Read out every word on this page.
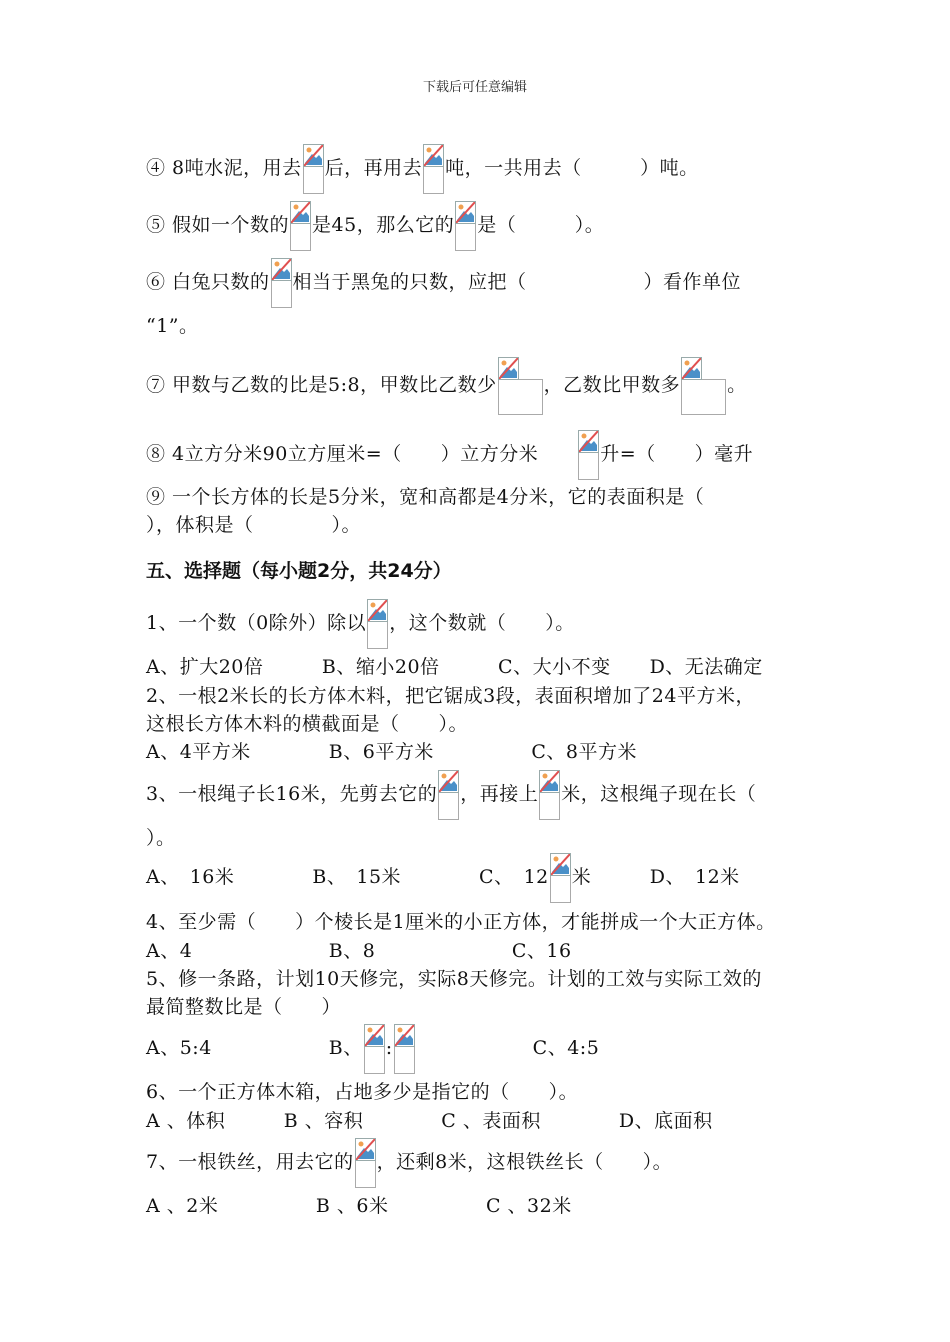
下载后可任意编辑
④ 8吨水泥，用去 后，再用去 吨，一共用去（　　　）吨。
⑤ 假如一个数的 是45，那么它的 是（　　　）。
⑥ 白兔只数的 相当于黑兔的只数，应把（　　　　　　）看作单位
“1”。
⑦ 甲数与乙数的比是5:8，甲数比乙数少 ，乙数比甲数多 。
⑧ 4立方分米90立方厘米=（　　）立方分米　　
升=（　　）毫升
⑨ 一个长方体的长是5分米，宽和高都是4分米，它的表面积是（
），体积是（　　　　）。
五、选择题（每小题2分，共24分）
1、一个数（0除外）除以 ，这个数就（　　）。
A、扩大20倍　　　B、缩小20倍　　　C、大小不变　　D、无法确定
2、一根2米长的长方体木料，把它锯成3段，表面积增加了24平方米，
这根长方体木料的横截面是（　　）。
A、4平方米　　　　B、6平方米　　　　　C、8平方米
3、一根绳子长16米，先剪去它的 ，再接上 米，这根绳子现在长（
）。
A、　16米　　　　B、　15米　　　　C、　12 米　　　D、　12米
4、至少需（　　）个棱长是1厘米的小正方体，才能拼成一个大正方体。
A、4　　　　　　　B、8　　　　　　　C、16
5、修一条路，计划10天修完，实际8天修完。计划的工效与实际工效的
最简整数比是（　　）
A、5:4　　　　　　B、 :
　　　　　　C、4:5
6、一个正方体木箱，占地多少是指它的（　　）。
A 、体积　　　B 、容积　　　　C 、表面积　　　　D、底面积
7、一根铁丝，用去它的 ，还剩8米，这根铁丝长（　　）。
A 、2米　　　　　B 、6米　　　　　C 、32米
